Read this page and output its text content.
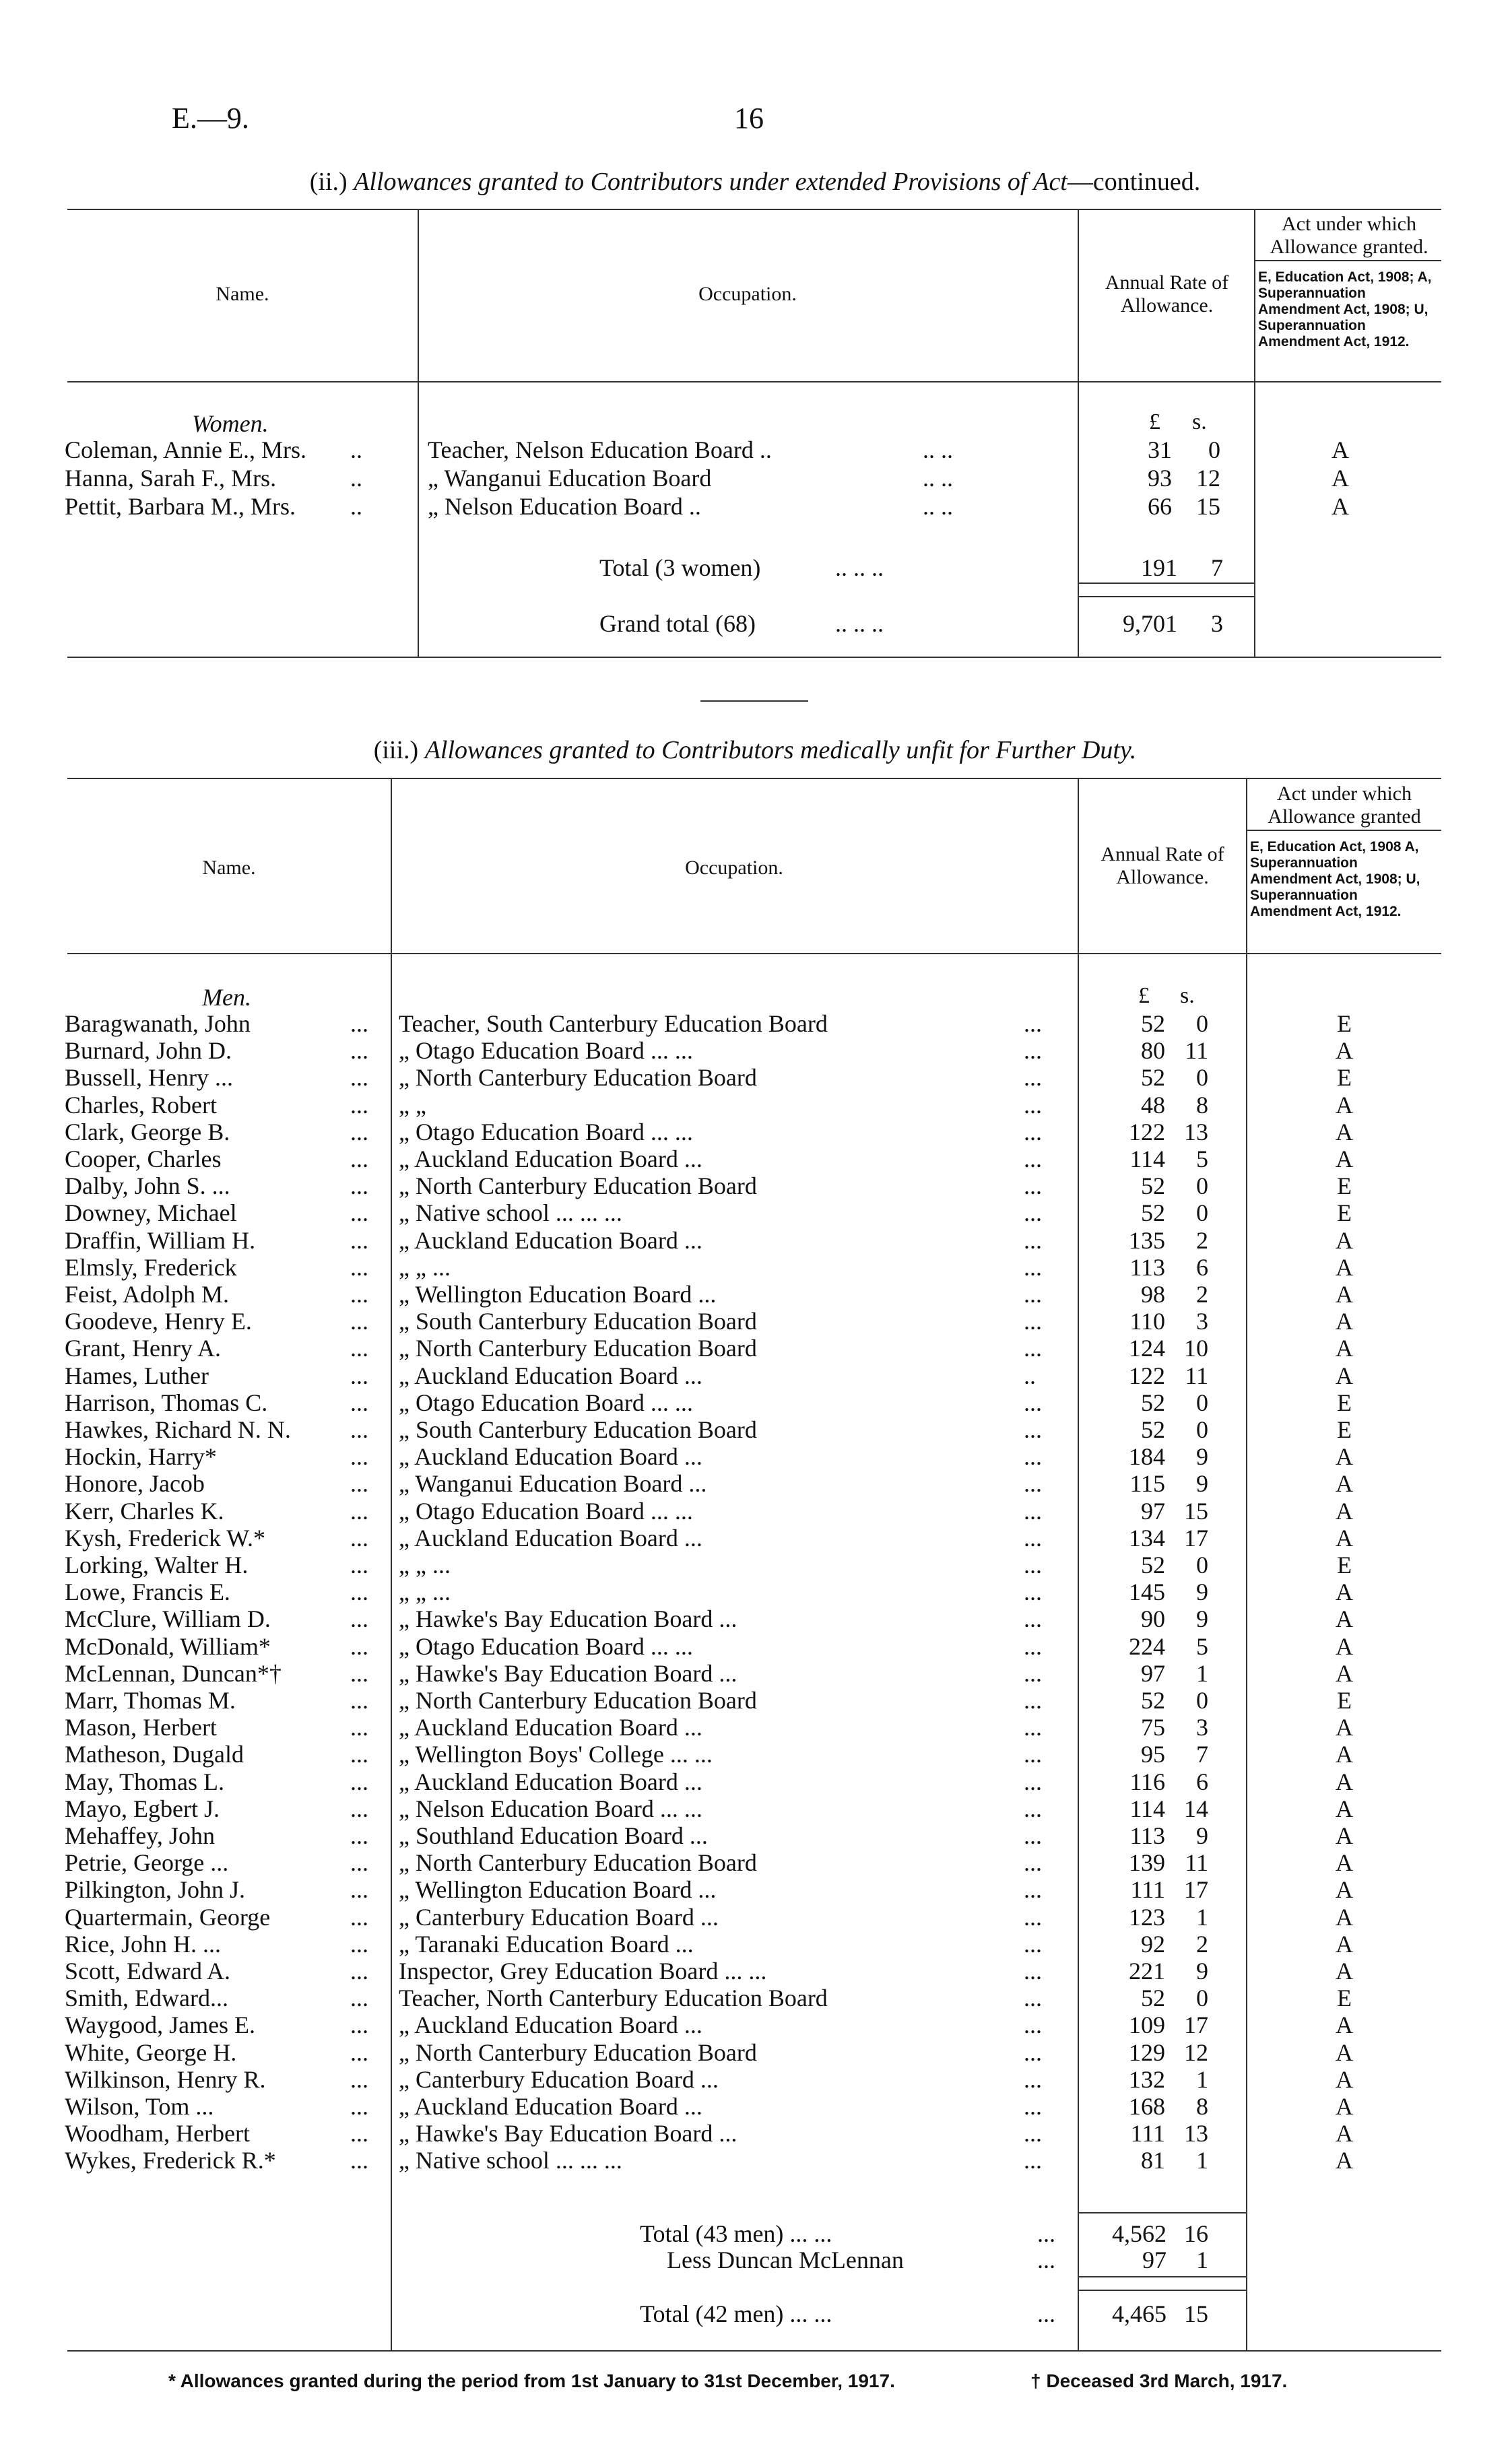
E.—9.	16
(ii.) Allowances granted to Contributors under extended Provisions of Act—continued.
Name.	Occupation.
Annual Rate of Allowance.
Act under which Allowance granted.
E, Education Act, 1908; A, Superannuation Amendment Act, 1908; U, Superannuation Amendment Act, 1912.
Women.	£ s.
Coleman, Annie E., Mrs. ..	Teacher, Nelson Education Board ..	.. ..	31	0	A
Hanna, Sarah F., Mrs.	..	„ Wanganui Education Board	.. ..	93	12	A
Pettit, Barbara M., Mrs. ..	„ Nelson Education Board ..	.. ..	66	15	A
Total (3 women)	.. .. ..	191	7
Grand total (68)	.. .. ..	9,701	3
(iii.) Allowances granted to Contributors medically unfit for Further Duty.
Name.	Occupation.
Annual Rate of Allowance.
Act under which Allowance granted
E, Education Act, 1908 A, Superannuation Amendment Act, 1908; U, Superannuation Amendment Act, 1912.
Men.	£ s.
Baragwanath, John	... Teacher, South Canterbury Education Board	...	52	0	E
Burnard, John D.	... „ Otago Education Board ... ...	...	80 11	A
Bussell, Henry ...	... „ North Canterbury Education Board	...	52	0	E
Charles, Robert	... „ „	...	48	8	A
Clark, George B.	... „ Otago Education Board ... ...	...	122 13	A
Cooper, Charles	... „ Auckland Education Board ...	...	114	5	A
Dalby, John S. ...	... „ North Canterbury Education Board	...	52	0	E
Downey, Michael	... „ Native school ... ... ...	...	52	0	E
Draffin, William H.	... „ Auckland Education Board ...	...	135	2	A
Elmsly, Frederick	... „ „ ...	...	113	6	A
Feist, Adolph M.	... „ Wellington Education Board ...	...	98	2	A
Goodeve, Henry E.	... „ South Canterbury Education Board	...	110	3	A
Grant, Henry A.	... „ North Canterbury Education Board	...	124 10	A
Hames, Luther	... „ Auckland Education Board ...	..	122 11	A
Harrison, Thomas C.	... „ Otago Education Board ... ...	...	52	0	E
Hawkes, Richard N. N. ... „ South Canterbury Education Board	...	52	0	E
Hockin, Harry*	... „ Auckland Education Board ...	...	184	9	A
Honore, Jacob	... „ Wanganui Education Board ...	...	115	9	A
Kerr, Charles K.	... „ Otago Education Board ... ...	...	97 15	A
Kysh, Frederick W.*	... „ Auckland Education Board ...	...	134 17	A
Lorking, Walter H.	... „ „ ...	...	52	0	E
Lowe, Francis E.	... „ „ ...	...	145	9	A
McClure, William D.	... „ Hawke's Bay Education Board ...	...	90	9	A
McDonald, William*	... „ Otago Education Board ... ...	...	224	5	A
McLennan, Duncan*†	... „ Hawke's Bay Education Board ...	...	97	1	A
Marr, Thomas M.	... „ North Canterbury Education Board	...	52	0	E
Mason, Herbert	... „ Auckland Education Board ...	...	75	3	A
Matheson, Dugald	... „ Wellington Boys' College ... ...	...	95	7	A
May, Thomas L.	... „ Auckland Education Board ...	...	116	6	A
Mayo, Egbert J.	... „ Nelson Education Board ... ...	...	114 14	A
Mehaffey, John	... „ Southland Education Board ...	...	113	9	A
Petrie, George ...	... „ North Canterbury Education Board	...	139 11	A
Pilkington, John J.	... „ Wellington Education Board ...	...	111 17	A
Quartermain, George	... „ Canterbury Education Board ...	...	123	1	A
Rice, John H. ...	... „ Taranaki Education Board ...	...	92	2	A
Scott, Edward A.	... Inspector, Grey Education Board ... ...	...	221	9	A
Smith, Edward...	... Teacher, North Canterbury Education Board	...	52	0	E
Waygood, James E.	... „ Auckland Education Board ...	...	109 17	A
White, George H.	... „ North Canterbury Education Board	...	129 12	A
Wilkinson, Henry R.	... „ Canterbury Education Board ...	...	132	1	A
Wilson, Tom ...	... „ Auckland Education Board ...	...	168	8	A
Woodham, Herbert	... „ Hawke's Bay Education Board ...	...	111 13	A
Wykes, Frederick R.*	... „ Native school ... ... ...	...	81	1	A
Total (43 men) ... ...	...	4,562 16
Less Duncan McLennan	...	97	1
Total (42 men) ... ...	...	4,465 15
* Allowances granted during the period from 1st January to 31st December, 1917.	† Deceased 3rd March, 1917.
